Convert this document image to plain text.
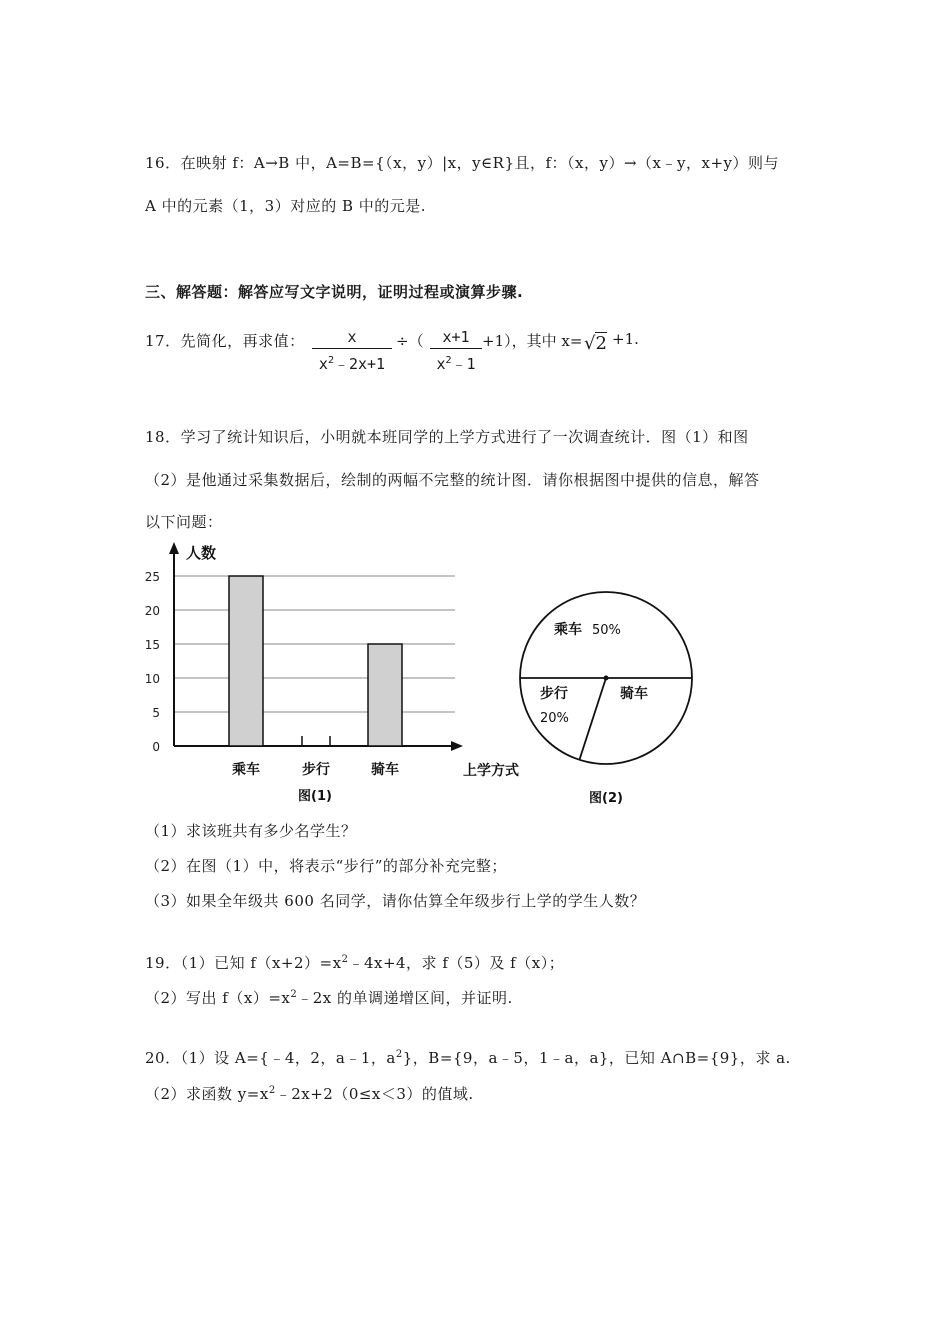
16．在映射 f：A→B 中，A=B={（x，y）|x，y∈R}且，f：（x，y）→（x﹣y，x+y）则与
A 中的元素（1，3）对应的 B 中的元是.
三、解答题：解答应写文字说明，证明过程或演算步骤.
17．先简化，再求值： $\frac{x}{x^2﹣2x+1}$ ÷（ $\frac{x+1}{x^2﹣1} +1$），其中 x= √2 +1.
18．学习了统计知识后，小明就本班同学的上学方式进行了一次调查统计．图（1）和图
（2）是他通过采集数据后，绘制的两幅不完整的统计图．请你根据图中提供的信息，解答
以下问题：
0
5
10
15
20
25
人数
上学方式
乘车	步行	骑车
图(1)
乘车 50%
步行
20%
骑车
图(2)
（1）求该班共有多少名学生？
（2）在图（1）中，将表示“步行”的部分补充完整；
（3）如果全年级共 600 名同学，请你估算全年级步行上学的学生人数？
19．（1）已知 $f(x+2)=x^2﹣4x+4$，求 f（5）及 f（x）；
（2）写出 $f(x)=x^2﹣2x$ 的单调递增区间，并证明.
20．（1）设 A={﹣4，2，a﹣1，$a^2$}，B={9，a﹣5，1﹣a，a}，已知 A∩B={9}，求 a.
（2）求函数 $y=x^2﹣2x+2(0\le x<3)$的值域.
